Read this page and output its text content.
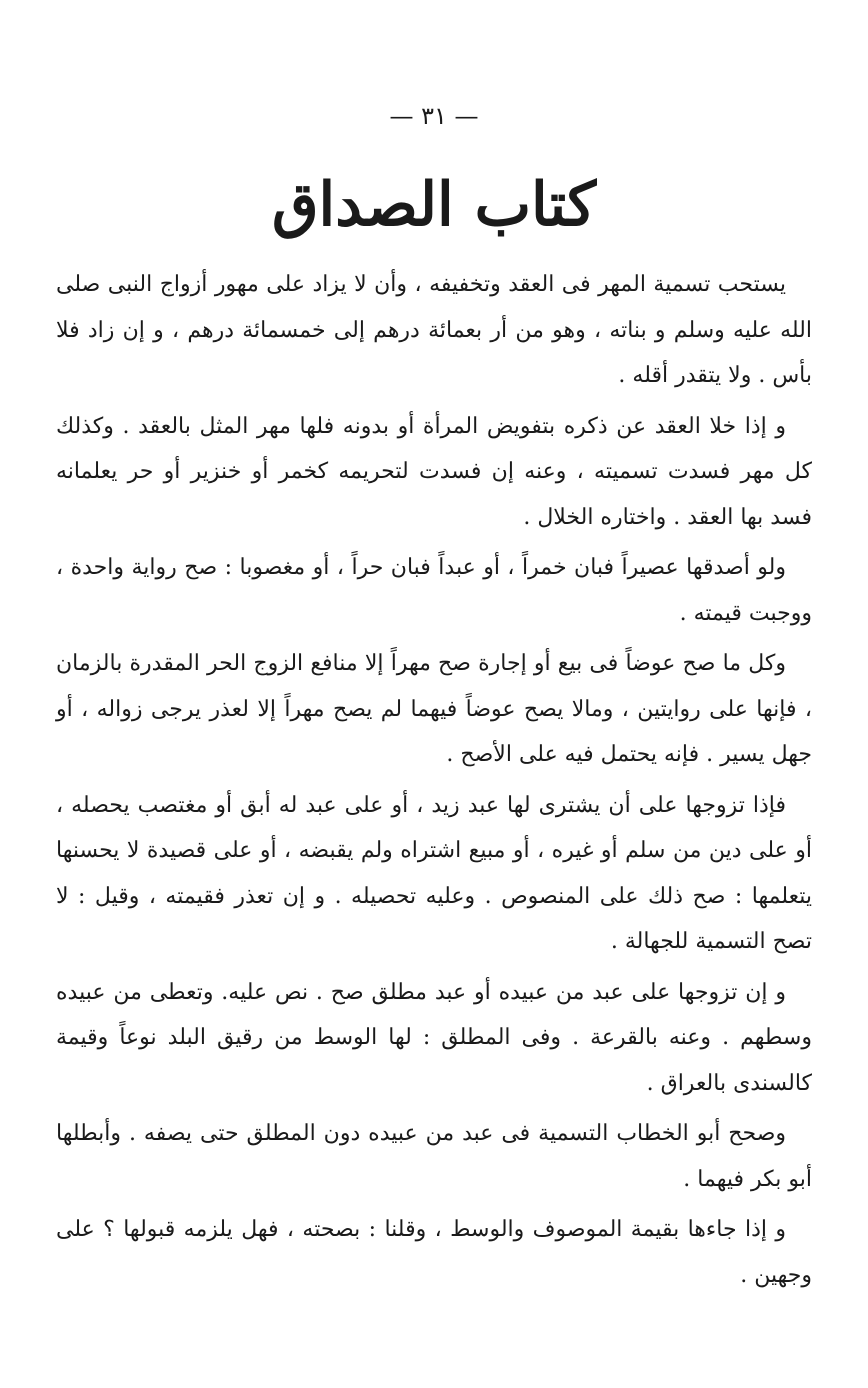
— ٣١ —
كتاب الصداق

يستحب تسمية المهر فى العقد وتخفيفه ، وأن لا يزاد على مهور أزواج النبى صلى الله عليه وسلم و بناته ، وهو من أر بعمائة درهم إلى خمسمائة درهم ، و إن زاد فلا بأس . ولا يتقدر أقله .

و إذا خلا العقد عن ذكره بتفويض المرأة أو بدونه فلها مهر المثل بالعقد . وكذلك كل مهر فسدت تسميته ، وعنه إن فسدت لتحريمه كخمر أو خنزير أو حر يعلمانه فسد بها العقد . واختاره الخلال .

ولو أصدقها عصيراً فبان خمراً ، أو عبداً فبان حراً ، أو مغصوبا : صح رواية واحدة ، ووجبت قيمته .

وكل ما صح عوضاً فى بيع أو إجارة صح مهراً إلا منافع الزوج الحر المقدرة بالزمان ، فإنها على روايتين ، ومالا يصح عوضاً فيهما لم يصح مهراً إلا لعذر يرجى زواله ، أو جهل يسير . فإنه يحتمل فيه على الأصح .

فإذا تزوجها على أن يشترى لها عبد زيد ، أو على عبد له أبق أو مغتصب يحصله ، أو على دين من سلم أو غيره ، أو مبيع اشتراه ولم يقبضه ، أو على قصيدة لا يحسنها يتعلمها : صح ذلك على المنصوص . وعليه تحصيله . و إن تعذر فقيمته ، وقيل : لا تصح التسمية للجهالة .

و إن تزوجها على عبد من عبيده أو عبد مطلق صح . نص عليه. وتعطى من عبيده وسطهم . وعنه بالقرعة . وفى المطلق : لها الوسط من رقيق البلد نوعاً وقيمة كالسندى بالعراق .

وصحح أبو الخطاب التسمية فى عبد من عبيده دون المطلق حتى يصفه . وأبطلها أبو بكر فيهما .

و إذا جاءها بقيمة الموصوف والوسط ، وقلنا : بصحته ، فهل يلزمه قبولها ؟ على وجهين .
